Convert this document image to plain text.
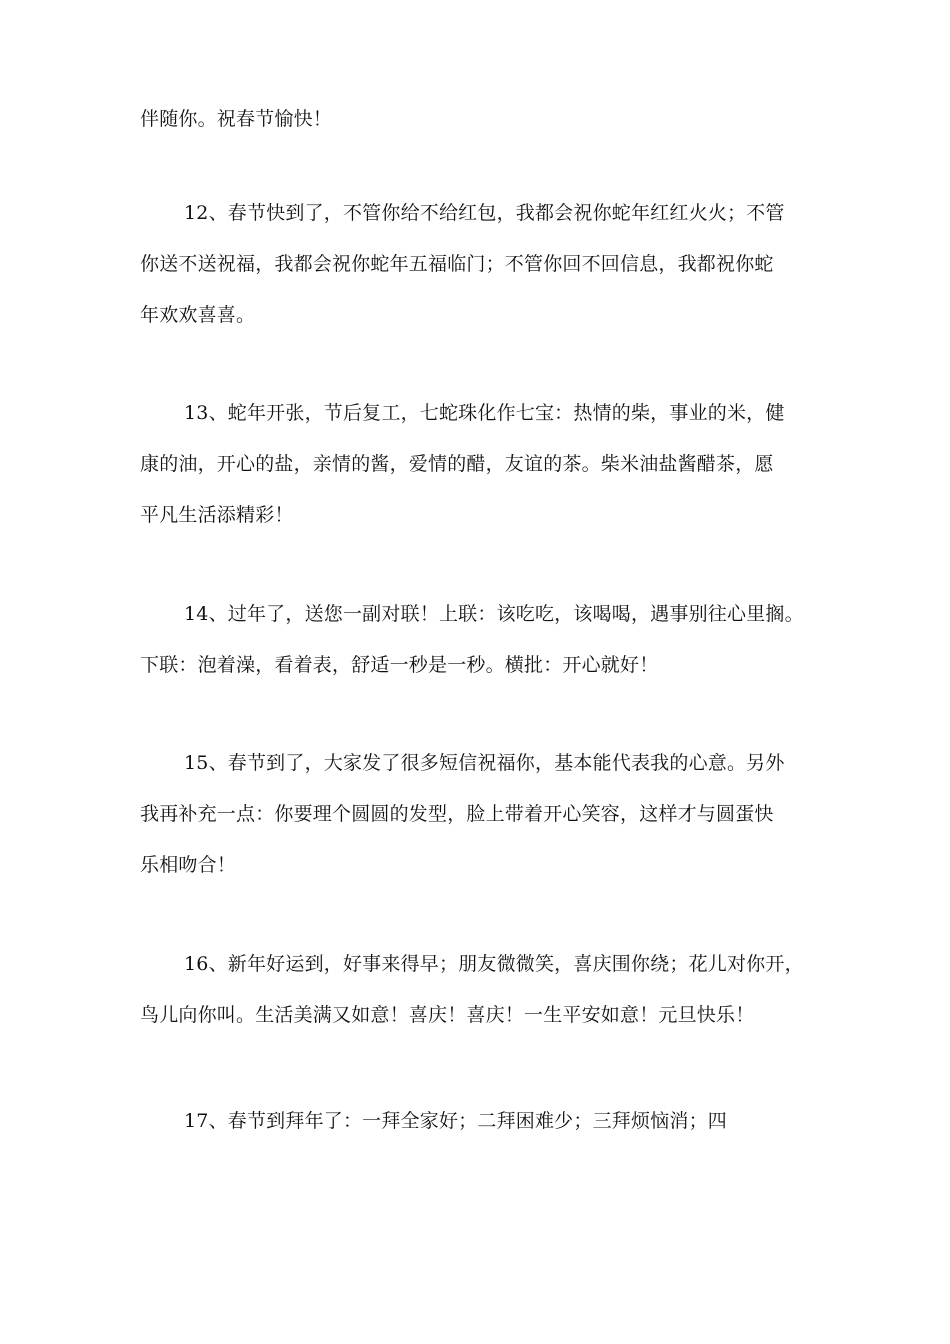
伴随你。祝春节愉快！
12、春节快到了，不管你给不给红包，我都会祝你蛇年红红火火；不管
你送不送祝福，我都会祝你蛇年五福临门；不管你回不回信息，我都祝你蛇
年欢欢喜喜。
13、蛇年开张，节后复工，七蛇珠化作七宝：热情的柴，事业的米，健
康的油，开心的盐，亲情的酱，爱情的醋，友谊的茶。柴米油盐酱醋茶，愿
平凡生活添精彩！
14、过年了，送您一副对联！上联：该吃吃，该喝喝，遇事别往心里搁。
下联：泡着澡，看着表，舒适一秒是一秒。横批：开心就好！
15、春节到了，大家发了很多短信祝福你，基本能代表我的心意。另外
我再补充一点：你要理个圆圆的发型，脸上带着开心笑容，这样才与圆蛋快
乐相吻合！
16、新年好运到，好事来得早；朋友微微笑，喜庆围你绕；花儿对你开，
鸟儿向你叫。生活美满又如意！喜庆！喜庆！一生平安如意！元旦快乐！
17、春节到拜年了：一拜全家好；二拜困难少；三拜烦恼消；四
